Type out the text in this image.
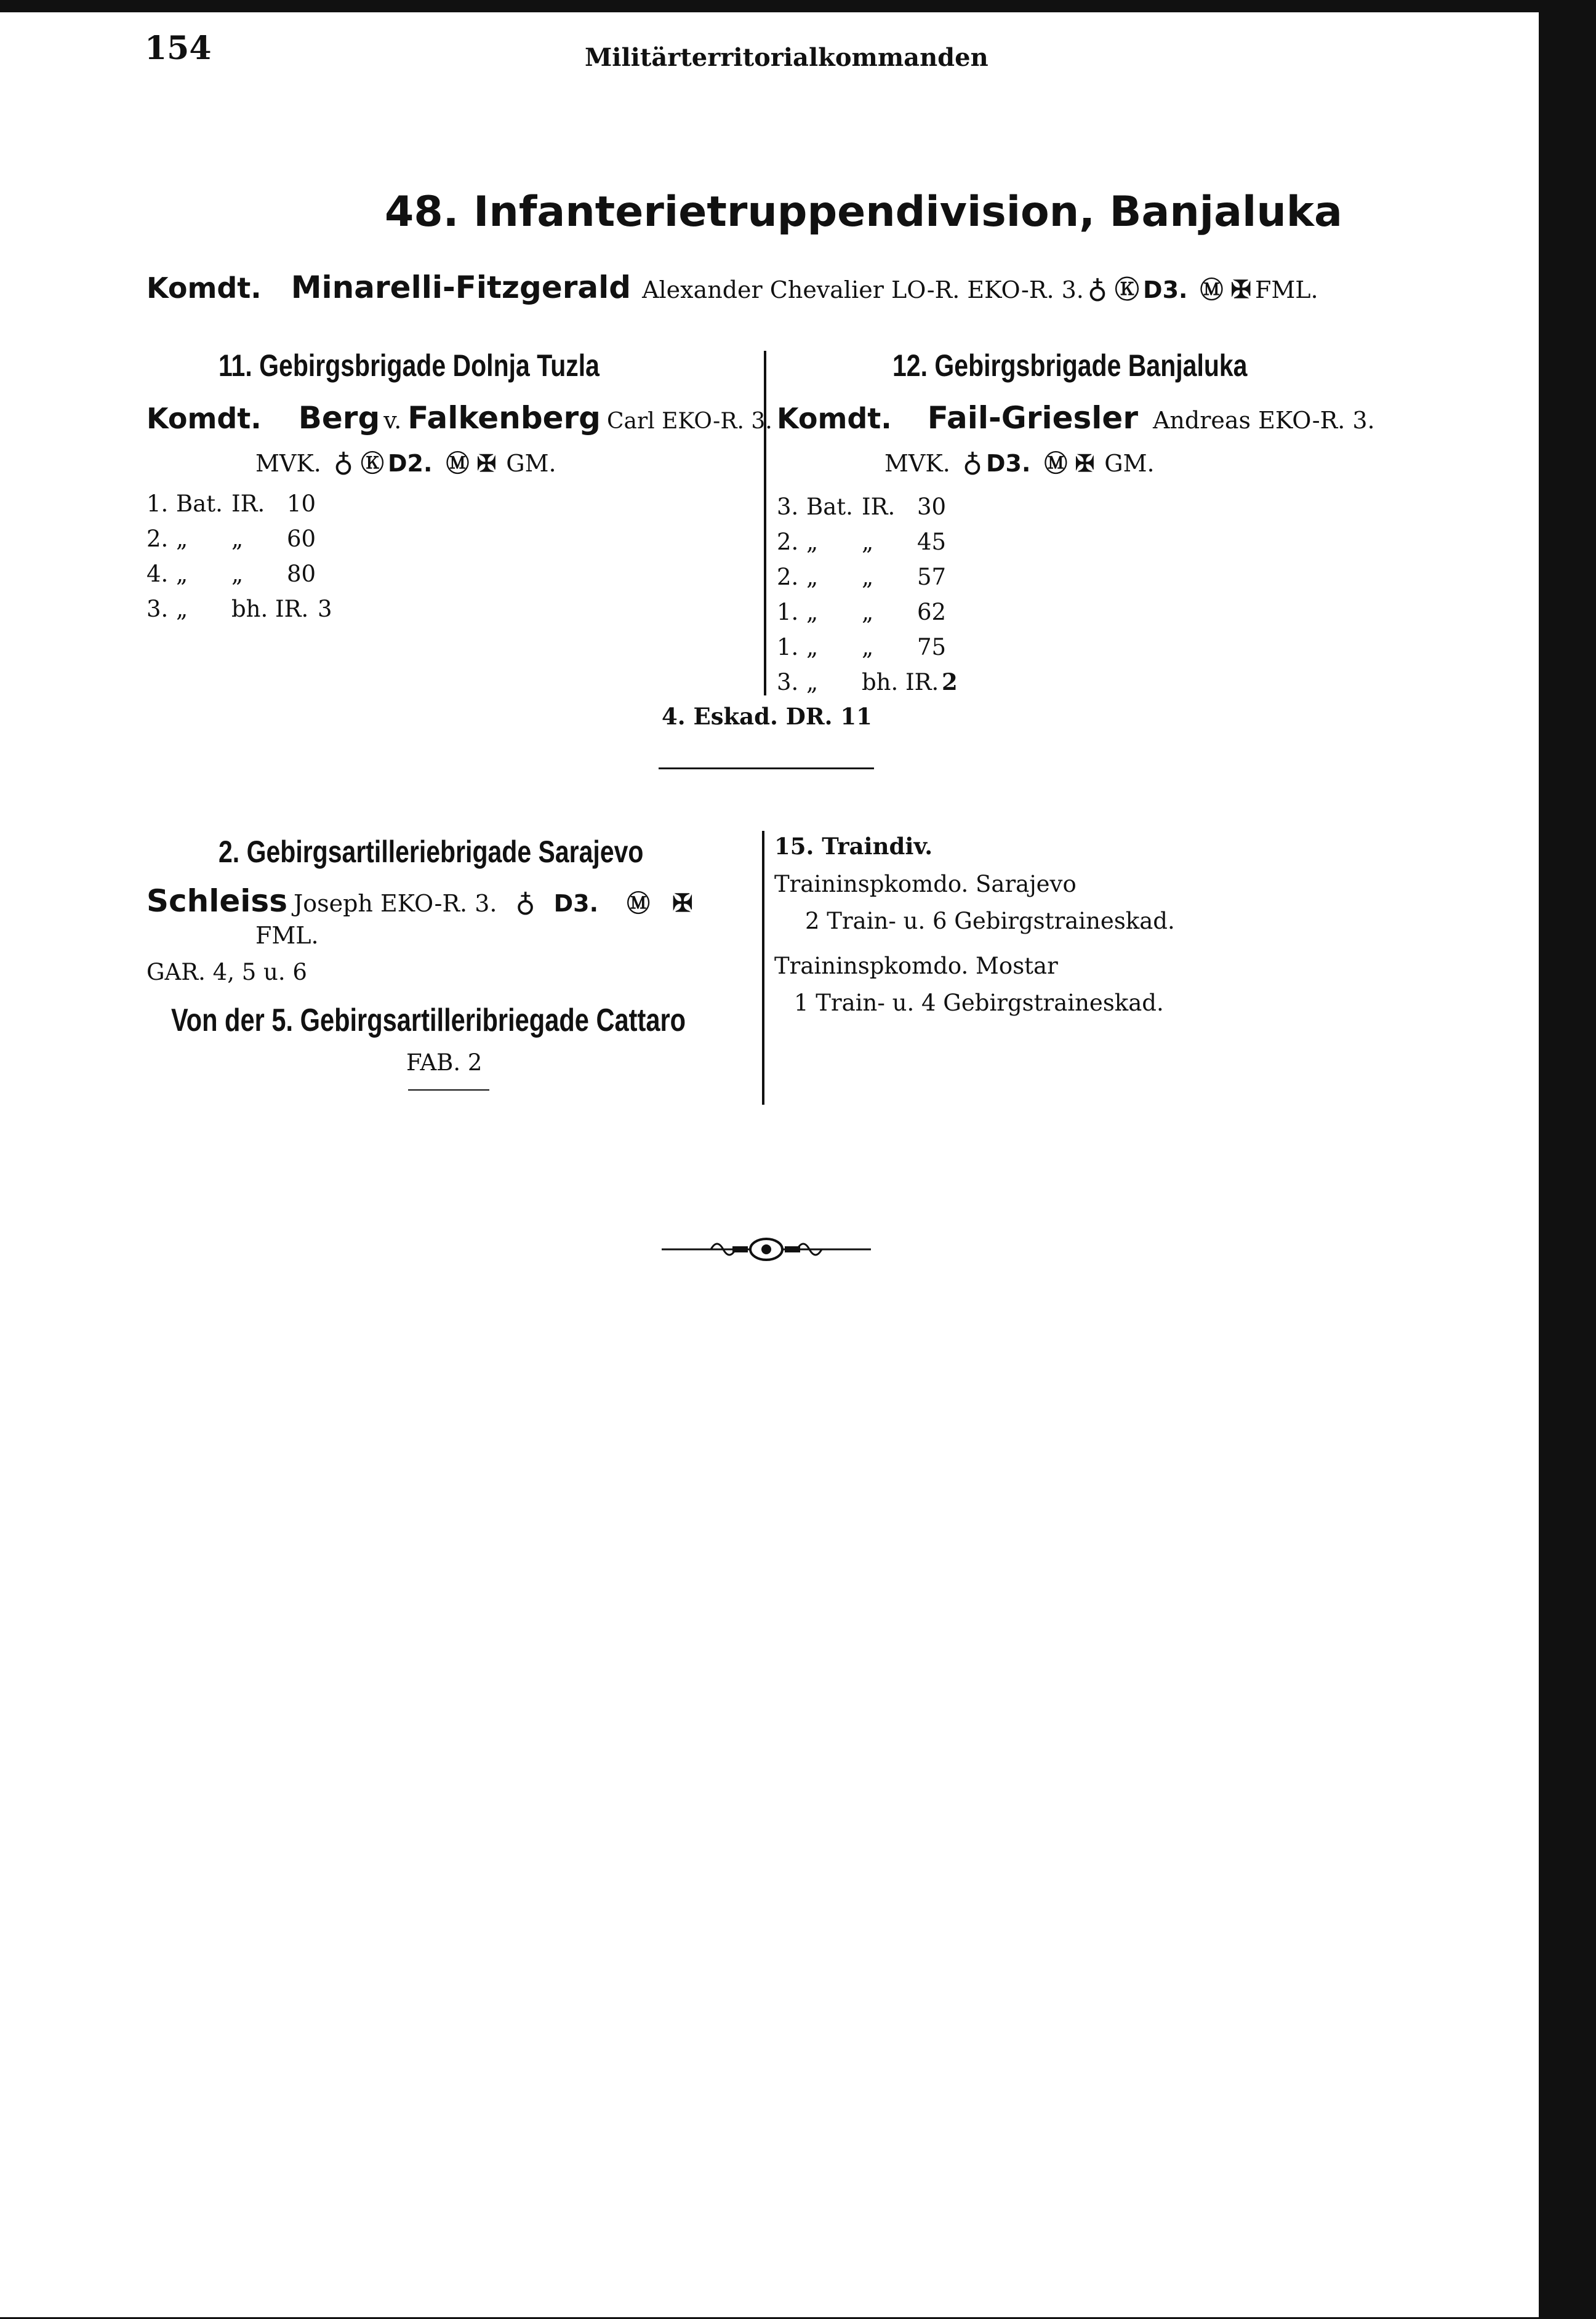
154	Militärterritorialkommanden
48. Infanterietruppendivision, Banjaluka
Komdt. Minarelli-Fitzgerald Alexander Chevalier LO-R. EKO-R. 3. ♁ Ⓚ D3. Ⓜ ✠ FML.
11. Gebirgsbrigade Dolnja Tuzla
Komdt. Berg v. Falkenberg Carl EKO-R. 3.
MVK. ♁ Ⓚ D2. Ⓜ ✠ GM.
1. Bat. IR. 10
2. „	„	60
4. „	„	80
3. „	bh. IR. 3
12. Gebirgsbrigade Banjaluka
Komdt. Fail-Griesler Andreas EKO-R. 3.
MVK. ♁ D3. Ⓜ ✠ GM.
3. Bat. IR. 30
2. „	„	45
2. „	„	57
1. „	„	62
1. „	„	75
3. „	bh. IR. 2
4. Eskad. DR. 11
2. Gebirgsartilleriebrigade Sarajevo
Schleiss Joseph EKO-R. 3. ♁ D3. Ⓜ ✠
FML.
GAR. 4, 5 u. 6
Von der 5. Gebirgsartilleribriegade Cattaro
FAB. 2
15. Traindiv.
Traininspkomdo. Sarajevo
2 Train- u. 6 Gebirgstraineskad.
Traininspkomdo. Mostar
1 Train- u. 4 Gebirgstraineskad.
